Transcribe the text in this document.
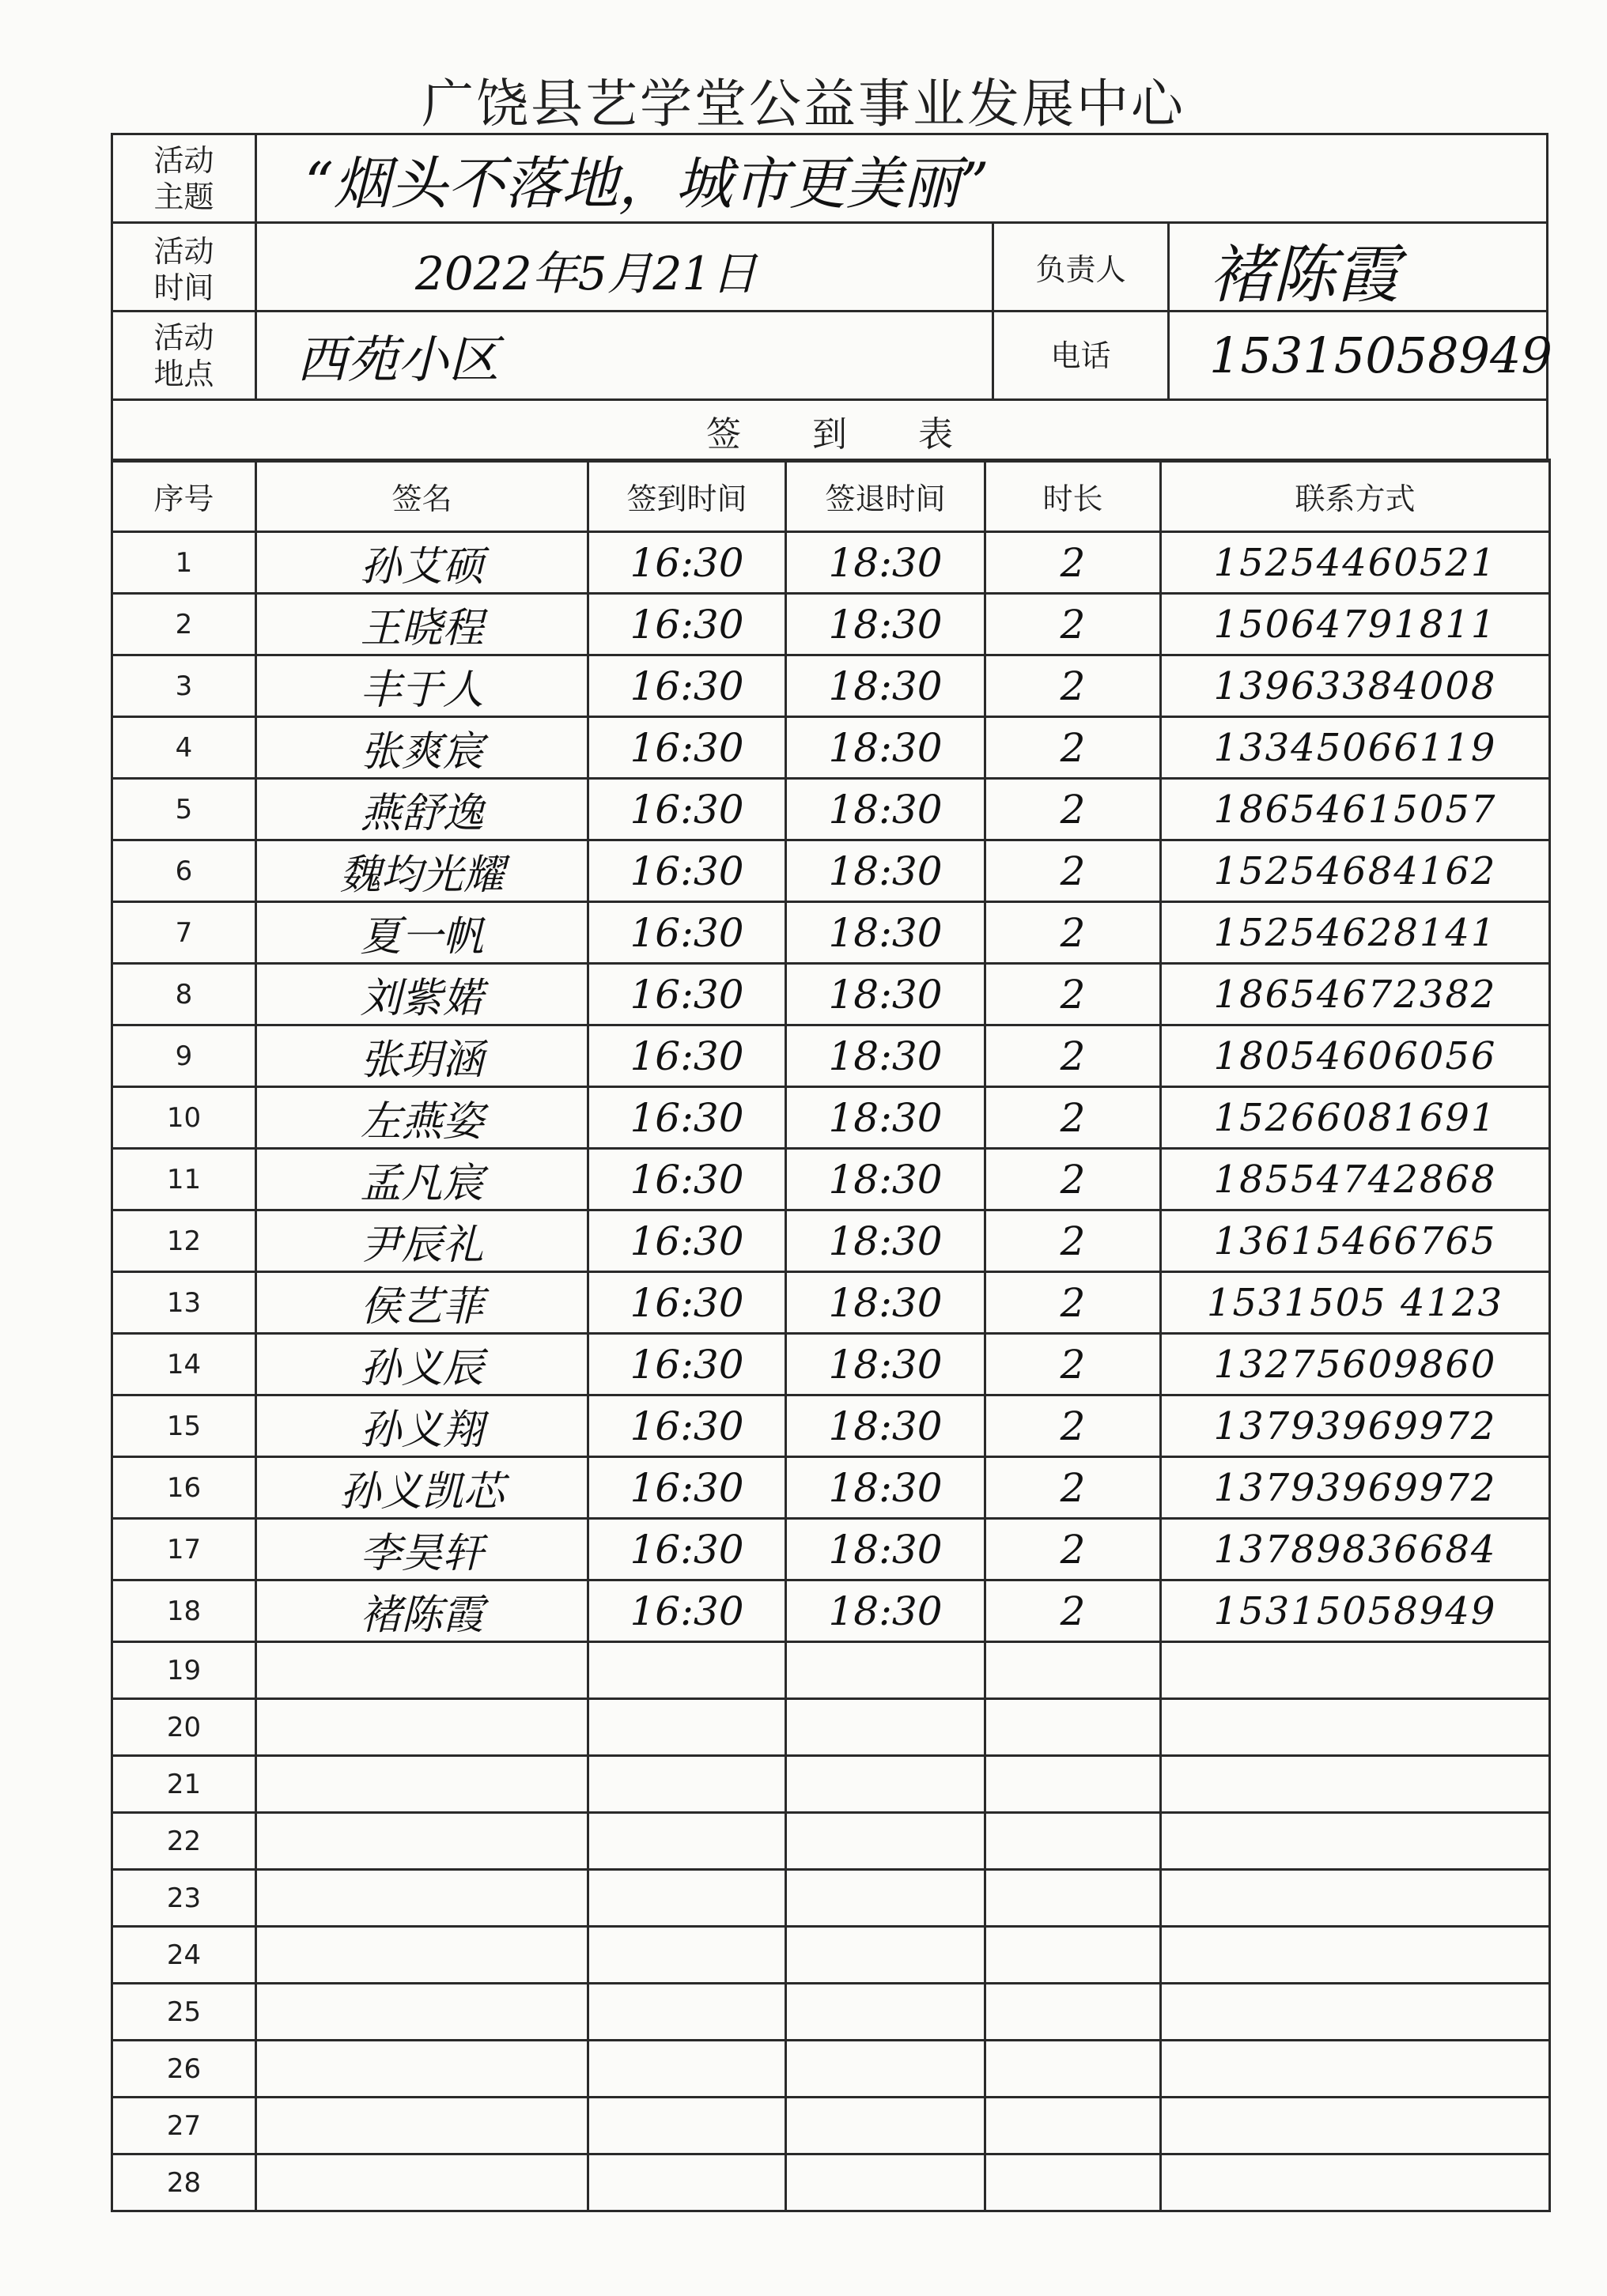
广饶县艺学堂公益事业发展中心
活动
主题	“烟头不落地，城市更美丽”
活动
时间	2022年5月21日	负责人	褚陈霞
活动
地点	西苑小区	电话	15315058949
签到表
序号	签名	签到时间	签退时间	时长	联系方式
1	孙艾硕	16:30	18:30	2	15254460521
2	王晓程	16:30	18:30	2	15064791811
3	丰于人	16:30	18:30	2	13963384008
4	张爽宸	16:30	18:30	2	13345066119
5	燕舒逸	16:30	18:30	2	18654615057
6	魏均光耀	16:30	18:30	2	15254684162
7	夏一帆	16:30	18:30	2	15254628141
8	刘紫婼	16:30	18:30	2	18654672382
9	张玥涵	16:30	18:30	2	18054606056
10	左燕姿	16:30	18:30	2	15266081691
11	孟凡宸	16:30	18:30	2	18554742868
12	尹辰礼	16:30	18:30	2	13615466765
13	侯艺菲	16:30	18:30	2	1531505 4123
14	孙义辰	16:30	18:30	2	13275609860
15	孙义翔	16:30	18:30	2	13793969972
16	孙义凯芯	16:30	18:30	2	13793969972
17	李昊轩	16:30	18:30	2	13789836684
18	褚陈霞	16:30	18:30	2	15315058949
19					
20					
21					
22					
23					
24					
25					
26					
27					
28					
